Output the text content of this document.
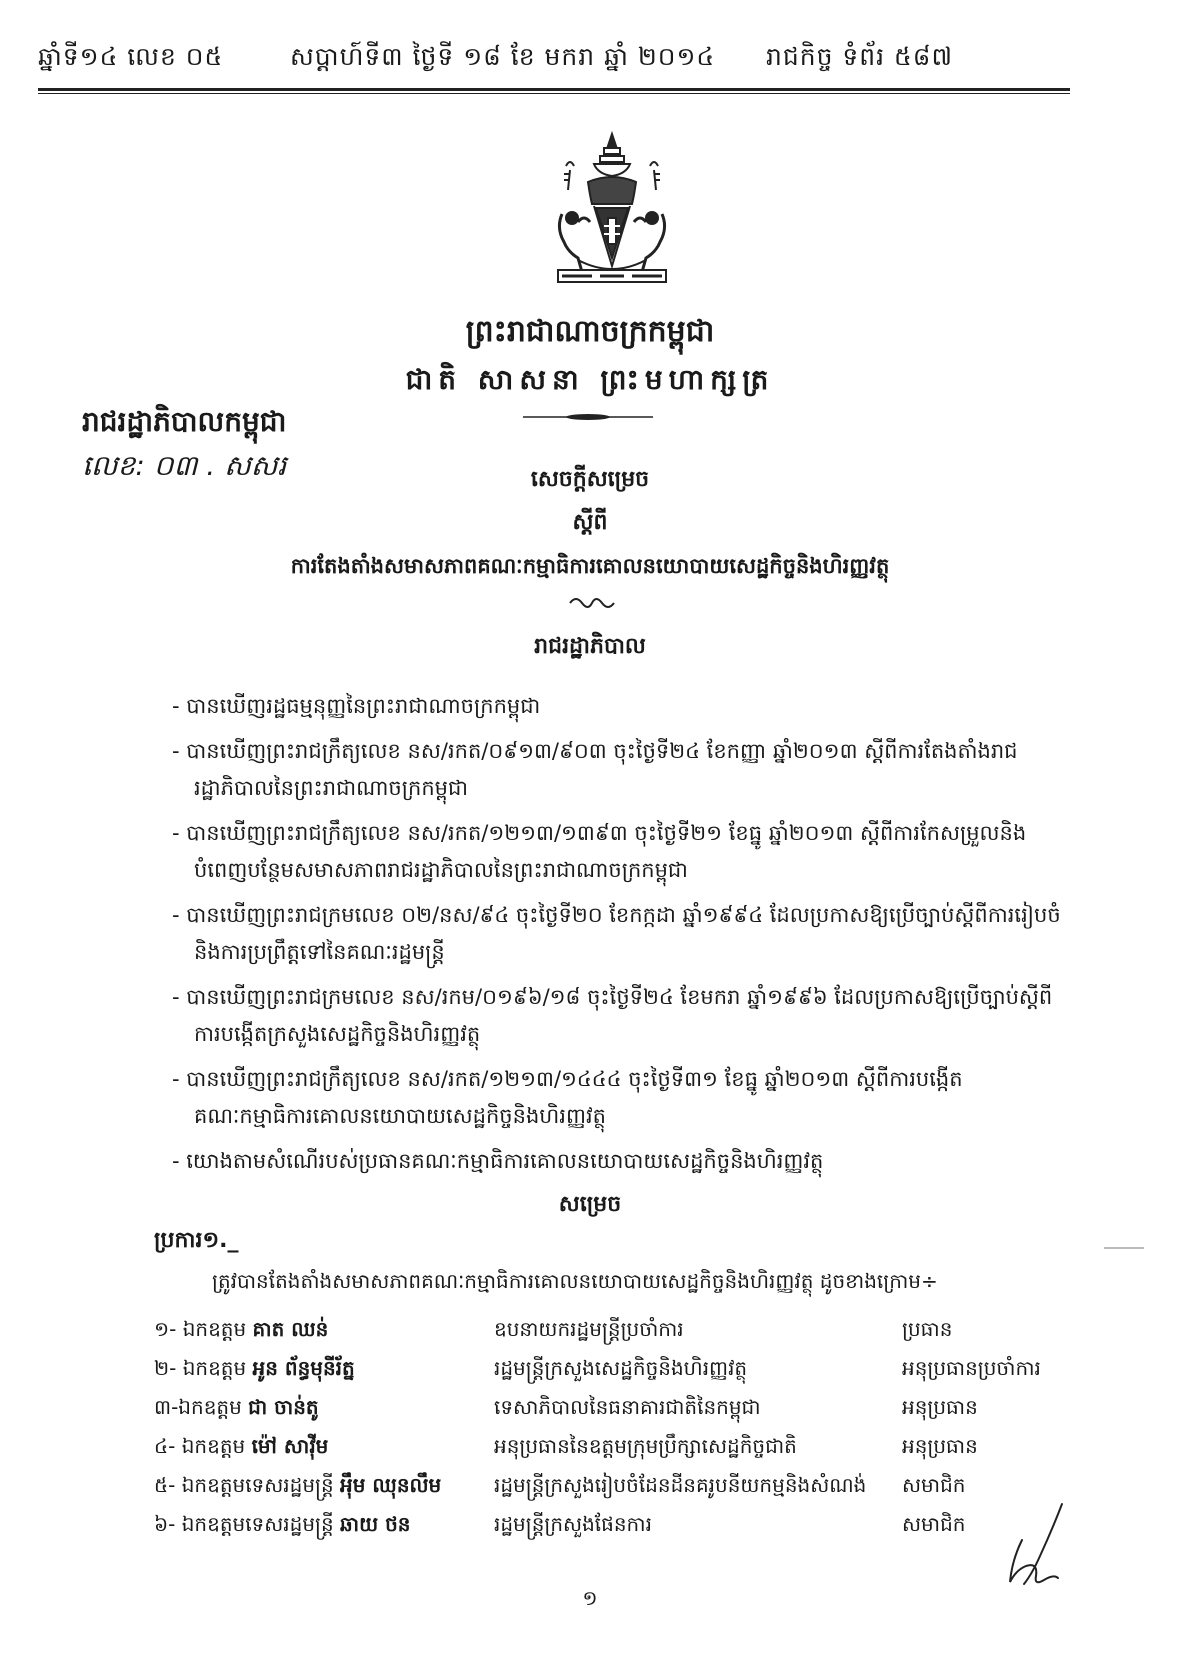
ឆ្នាំទី១៤ លេខ ០៥	សប្តាហ៍ទី៣ ថ្ងៃទី ១៨ ខែ មករា ឆ្នាំ ២០១៤ រាជកិច្ច ទំព័រ ៥៨៧
ព្រះរាជាណាចក្រកម្ពុជា
ជាតិ សាសនា ព្រះមហាក្សត្រ
រាជរដ្ឋាភិបាលកម្ពុជា
លេខ: ០៣ . សសរ	សេចក្តីសម្រេច
ស្តីពី
ការតែងតាំងសមាសភាពគណៈកម្មាធិការគោលនយោបាយសេដ្ឋកិច្ចនិងហិរញ្ញវត្ថុ
រាជរដ្ឋាភិបាល
- បានឃើញរដ្ឋធម្មនុញ្ញនៃព្រះរាជាណាចក្រកម្ពុជា
- បានឃើញព្រះរាជក្រឹត្យលេខ នស/រកត/០៩១៣/៩០៣ ចុះថ្ងៃទី២៤ ខែកញ្ញា ឆ្នាំ២០១៣ ស្តីពីការតែងតាំងរាជរដ្ឋាភិបាលនៃព្រះរាជាណាចក្រកម្ពុជា
- បានឃើញព្រះរាជក្រឹត្យលេខ នស/រកត/១២១៣/១៣៩៣ ចុះថ្ងៃទី២១ ខែធ្នូ ឆ្នាំ២០១៣ ស្តីពីការកែសម្រួលនិងបំពេញបន្ថែមសមាសភាពរាជរដ្ឋាភិបាលនៃព្រះរាជាណាចក្រកម្ពុជា
- បានឃើញព្រះរាជក្រមលេខ ០២/នស/៩៤ ចុះថ្ងៃទី២០ ខែកក្កដា ឆ្នាំ១៩៩៤ ដែលប្រកាសឱ្យប្រើច្បាប់ស្តីពីការរៀបចំនិងការប្រព្រឹត្តទៅនៃគណៈរដ្ឋមន្ត្រី
- បានឃើញព្រះរាជក្រមលេខ នស/រកម/០១៩៦/១៨ ចុះថ្ងៃទី២៤ ខែមករា ឆ្នាំ១៩៩៦ ដែលប្រកាសឱ្យប្រើច្បាប់ស្តីពីការបង្កើតក្រសួងសេដ្ឋកិច្ចនិងហិរញ្ញវត្ថុ
- បានឃើញព្រះរាជក្រឹត្យលេខ នស/រកត/១២១៣/១៤៤៤ ចុះថ្ងៃទី៣១ ខែធ្នូ ឆ្នាំ២០១៣ ស្តីពីការបង្កើតគណៈកម្មាធិការគោលនយោបាយសេដ្ឋកិច្ចនិងហិរញ្ញវត្ថុ
- យោងតាមសំណើរបស់ប្រធានគណៈកម្មាធិការគោលនយោបាយសេដ្ឋកិច្ចនិងហិរញ្ញវត្ថុ
សម្រេច
ប្រការ១._
ត្រូវបានតែងតាំងសមាសភាពគណៈកម្មាធិការគោលនយោបាយសេដ្ឋកិច្ចនិងហិរញ្ញវត្ថុ ដូចខាងក្រោម÷
១- ឯកឧត្តម គាត ឈន់	ឧបនាយករដ្ឋមន្ត្រីប្រចាំការ	ប្រធាន
២- ឯកឧត្តម អូន ព័ន្ធមុនីរ័ត្ន	រដ្ឋមន្ត្រីក្រសួងសេដ្ឋកិច្ចនិងហិរញ្ញវត្ថុ	អនុប្រធានប្រចាំការ
៣-ឯកឧត្តម ជា ចាន់តូ	ទេសាភិបាលនៃធនាគារជាតិនៃកម្ពុជា	អនុប្រធាន
៤- ឯកឧត្តម ម៉ៅ សាវុីម	អនុប្រធាននៃឧត្តមក្រុមប្រឹក្សាសេដ្ឋកិច្ចជាតិ	អនុប្រធាន
៥- ឯកឧត្តមទេសរដ្ឋមន្ត្រី អុឹម ឈុនលឹម	រដ្ឋមន្ត្រីក្រសួងរៀបចំដែនដីនគរូបនីយកម្មនិងសំណង់ សមាជិក
៦- ឯកឧត្តមទេសរដ្ឋមន្ត្រី ឆាយ ថន	រដ្ឋមន្ត្រីក្រសួងផែនការ	សមាជិក
១
